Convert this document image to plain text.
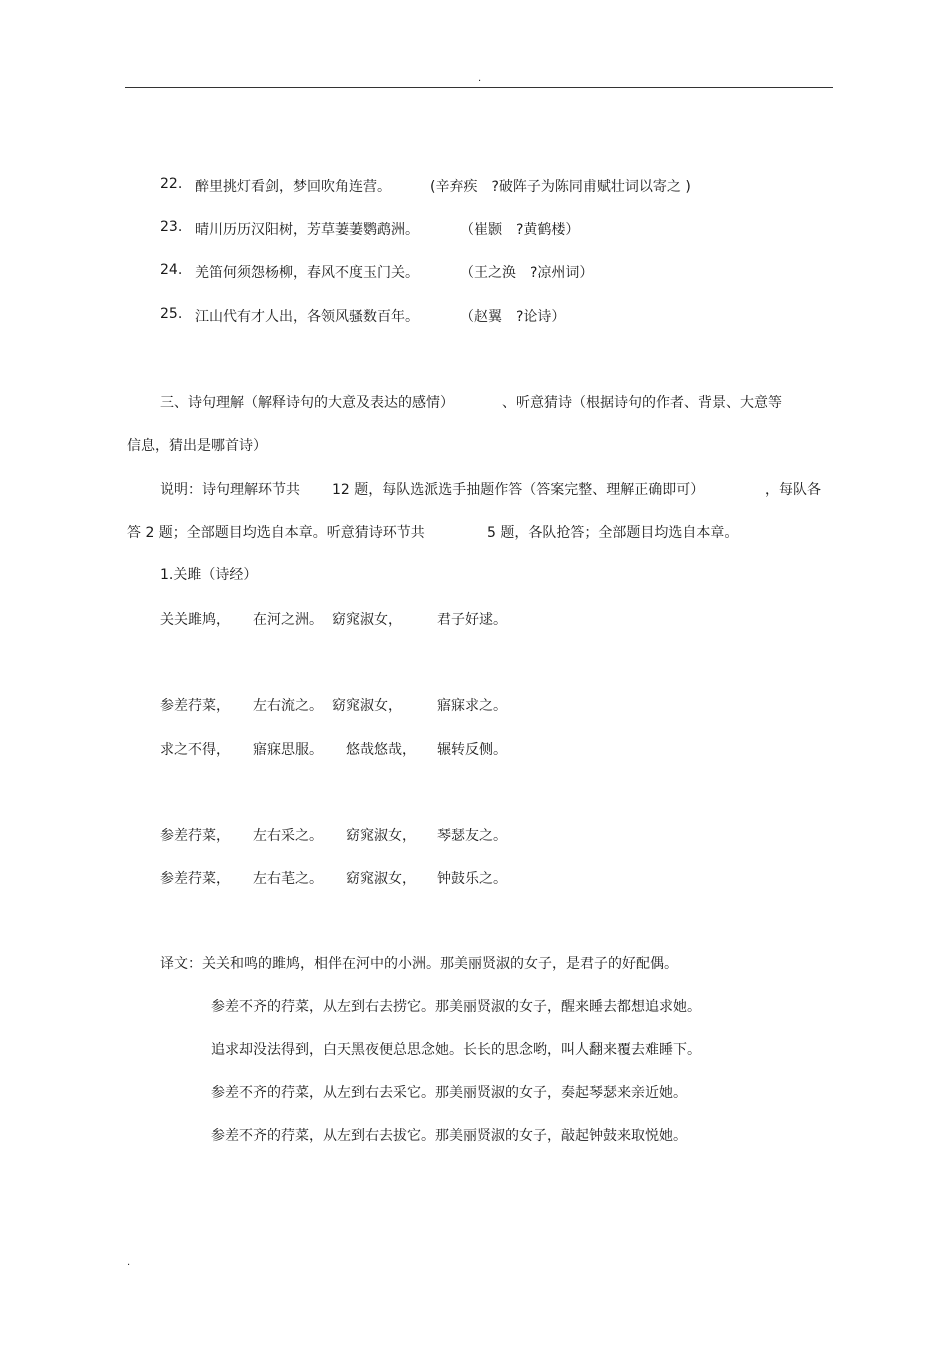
.
22. 醉里挑灯看剑，梦回吹角连营。	(辛弃疾　?破阵子为陈同甫赋壮词以寄之 )
23. 晴川历历汉阳树，芳草萋萋鹦鹉洲。	（崔颢　?黄鹤楼）
24. 羌笛何须怨杨柳，春风不度玉门关。	（王之涣　?凉州词）
25. 江山代有才人出，各领风骚数百年。	（赵翼　?论诗）
三、诗句理解（解释诗句的大意及表达的感情）	、听意猜诗（根据诗句的作者、背景、大意等
信息，猜出是哪首诗）
说明：诗句理解环节共 12 题，每队选派选手抽题作答（答案完整、理解正确即可）	，每队各
答 2 题；全部题目均选自本章。听意猜诗环节共	5 题，各队抢答；全部题目均选自本章。
1.关雎（诗经）
关关雎鸠， 在河之洲。 窈窕淑女，	君子好逑。
参差荇菜， 左右流之。 窈窕淑女，	寤寐求之。
求之不得， 寤寐思服。 悠哉悠哉， 辗转反侧。
参差荇菜， 左右采之。 窈窕淑女， 琴瑟友之。
参差荇菜， 左右芼之。 窈窕淑女， 钟鼓乐之。
译文：关关和鸣的雎鸠，相伴在河中的小洲。那美丽贤淑的女子，是君子的好配偶。
参差不齐的荇菜，从左到右去捞它。那美丽贤淑的女子，醒来睡去都想追求她。
追求却没法得到，白天黑夜便总思念她。长长的思念哟，叫人翻来覆去难睡下。
参差不齐的荇菜，从左到右去采它。那美丽贤淑的女子，奏起琴瑟来亲近她。
参差不齐的荇菜，从左到右去拔它。那美丽贤淑的女子，敲起钟鼓来取悦她。
.
